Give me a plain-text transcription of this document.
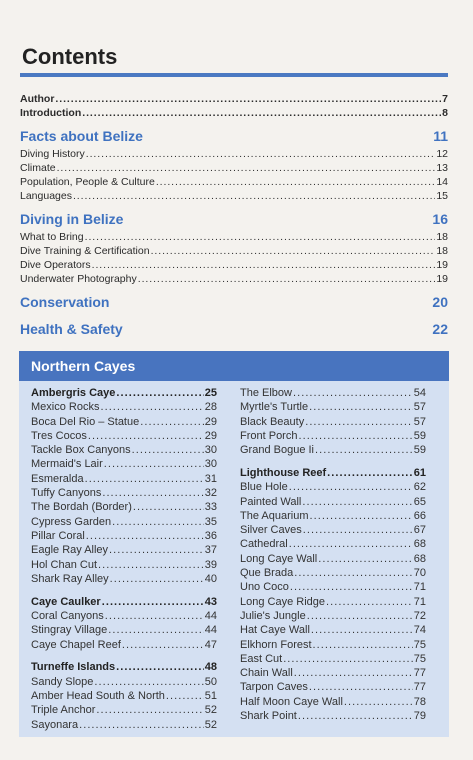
Contents
Author . . .	7
Introduction . . .	8
Facts about Belize	11
Diving History . . .	12
Climate . . .	13
Population, People & Culture . . .	14
Languages . . .	15
Diving in Belize	16
What to Bring . . .	18
Dive Training & Certification . . .	18
Dive Operators . . .	19
Underwater Photography . . .	19
Conservation	20
Health & Safety	22
Northern Cayes
Ambergris Caye . . .	25
Mexico Rocks . . .	28
Boca Del Rio – Statue . . .	29
Tres Cocos . . .	29
Tackle Box Canyons . . .	30
Mermaid's Lair . . .	30
Esmeralda . . .	31
Tuffy Canyons . . .	32
The Bordah (Border) . . .	33
Cypress Garden . . .	35
Pillar Coral . . .	36
Eagle Ray Alley . . .	37
Hol Chan Cut . . .	39
Shark Ray Alley . . .	40
Caye Caulker . . .	43
Coral Canyons . . .	44
Stingray Village . . .	44
Caye Chapel Reef . . .	47
Turneffe Islands . . .	48
Sandy Slope . . .	50
Amber Head South & North . . .	51
Triple Anchor . . .	52
Sayonara . . .	52
The Elbow . . .	54
Myrtle's Turtle . . .	57
Black Beauty . . .	57
Front Porch . . .	59
Grand Bogue Ii . . .	59
Lighthouse Reef . . .	61
Blue Hole . . .	62
Painted Wall . . .	65
The Aquarium . . .	66
Silver Caves . . .	67
Cathedral . . .	68
Long Caye Wall . . .	68
Que Brada . . .	70
Uno Coco . . .	71
Long Caye Ridge . . .	71
Julie's Jungle . . .	72
Hat Caye Wall . . .	74
Elkhorn Forest . . .	75
East Cut . . .	75
Chain Wall . . .	77
Tarpon Caves . . .	77
Half Moon Caye Wall . . .	78
Shark Point . . .	79
